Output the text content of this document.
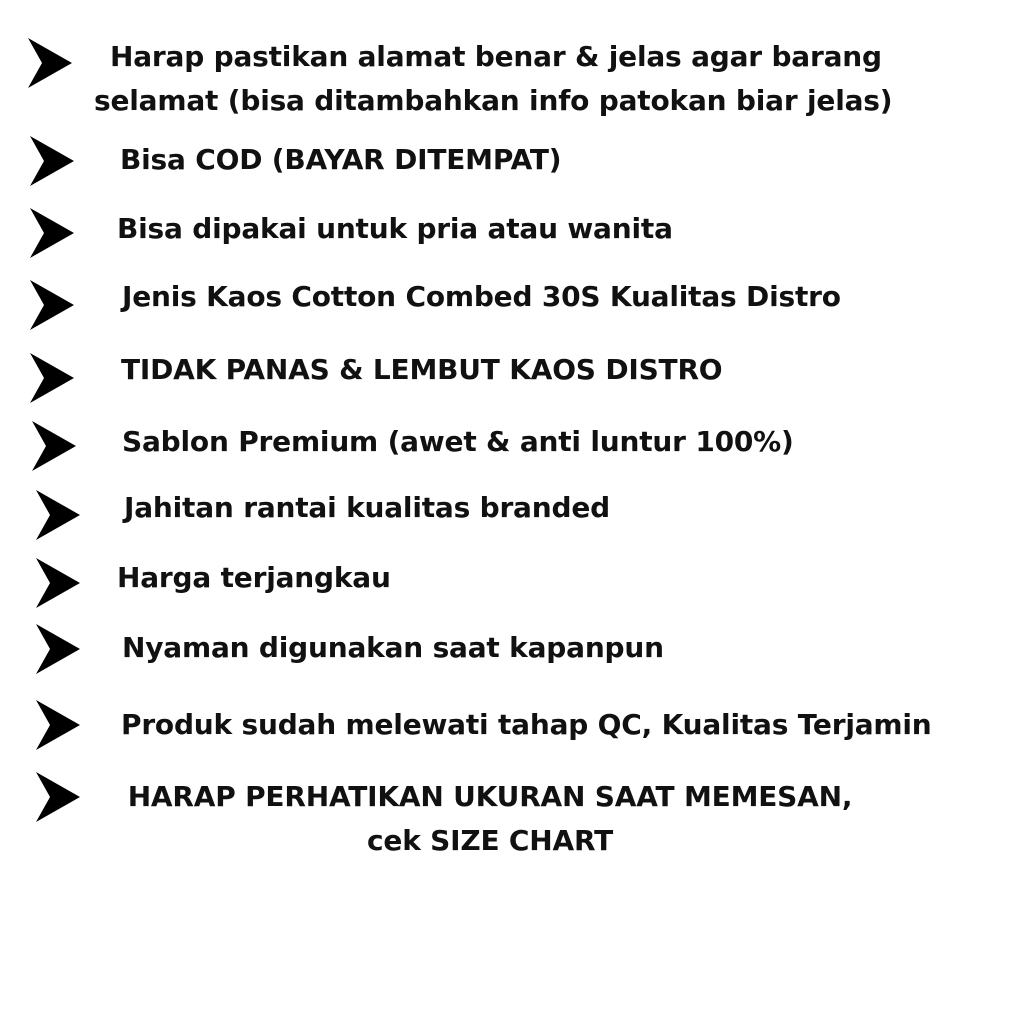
Harap pastikan alamat benar & jelas agar barang
selamat (bisa ditambahkan info patokan biar jelas)
Bisa COD (BAYAR DITEMPAT)
Bisa dipakai untuk pria atau wanita
Jenis Kaos Cotton Combed 30S Kualitas Distro
TIDAK PANAS & LEMBUT KAOS DISTRO
Sablon Premium (awet & anti luntur 100%)
Jahitan rantai kualitas branded
Harga terjangkau
Nyaman digunakan saat kapanpun
Produk sudah melewati tahap QC, Kualitas Terjamin
HARAP PERHATIKAN UKURAN SAAT MEMESAN,
cek SIZE CHART
